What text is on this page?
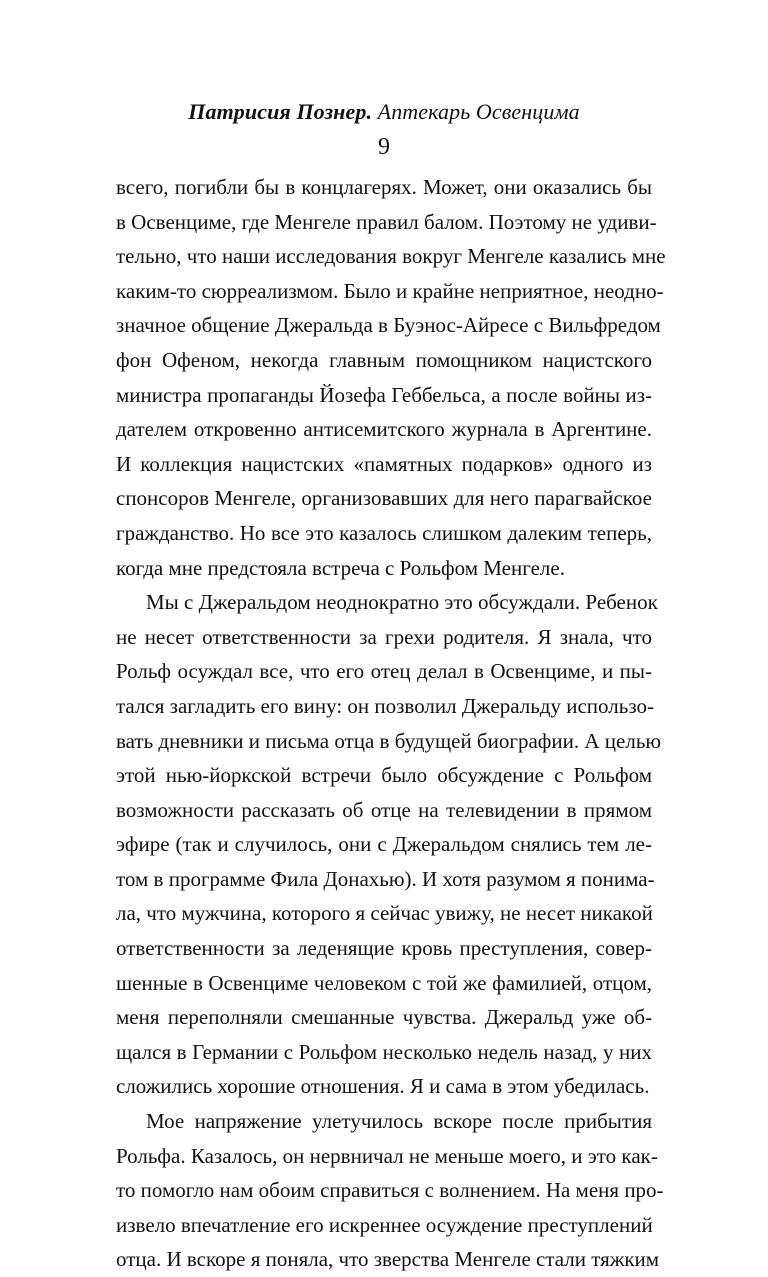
Патрисия Познер. Аптекарь Освенцима
9
всего, погибли бы в концлагерях. Может, они оказались бы
в Освенциме, где Менгеле правил балом. Поэтому не удиви-
тельно, что наши исследования вокруг Менгеле казались мне
каким-то сюрреализмом. Было и крайне неприятное, неодно-
значное общение Джеральда в Буэнос-Айресе с Вильфредом
фон Офеном, некогда главным помощником нацистского
министра пропаганды Йозефа Геббельса, а после войны из-
дателем откровенно антисемитского журнала в Аргентине.
И коллекция нацистских «памятных подарков» одного из
спонсоров Менгеле, организовавших для него парагвайское
гражданство. Но все это казалось слишком далеким теперь,
когда мне предстояла встреча с Рольфом Менгеле.
Мы с Джеральдом неоднократно это обсуждали. Ребенок
не несет ответственности за грехи родителя. Я знала, что
Рольф осуждал все, что его отец делал в Освенциме, и пы-
тался загладить его вину: он позволил Джеральду использо-
вать дневники и письма отца в будущей биографии. А целью
этой нью-йоркской встречи было обсуждение с Рольфом
возможности рассказать об отце на телевидении в прямом
эфире (так и случилось, они с Джеральдом снялись тем ле-
том в программе Фила Донахью). И хотя разумом я понима-
ла, что мужчина, которого я сейчас увижу, не несет никакой
ответственности за леденящие кровь преступления, совер-
шенные в Освенциме человеком с той же фамилией, отцом,
меня переполняли смешанные чувства. Джеральд уже об-
щался в Германии с Рольфом несколько недель назад, у них
сложились хорошие отношения. Я и сама в этом убедилась.
Мое напряжение улетучилось вскоре после прибытия
Рольфа. Казалось, он нервничал не меньше моего, и это как-
то помогло нам обоим справиться с волнением. На меня про-
извело впечатление его искреннее осуждение преступлений
отца. И вскоре я поняла, что зверства Менгеле стали тяжким
